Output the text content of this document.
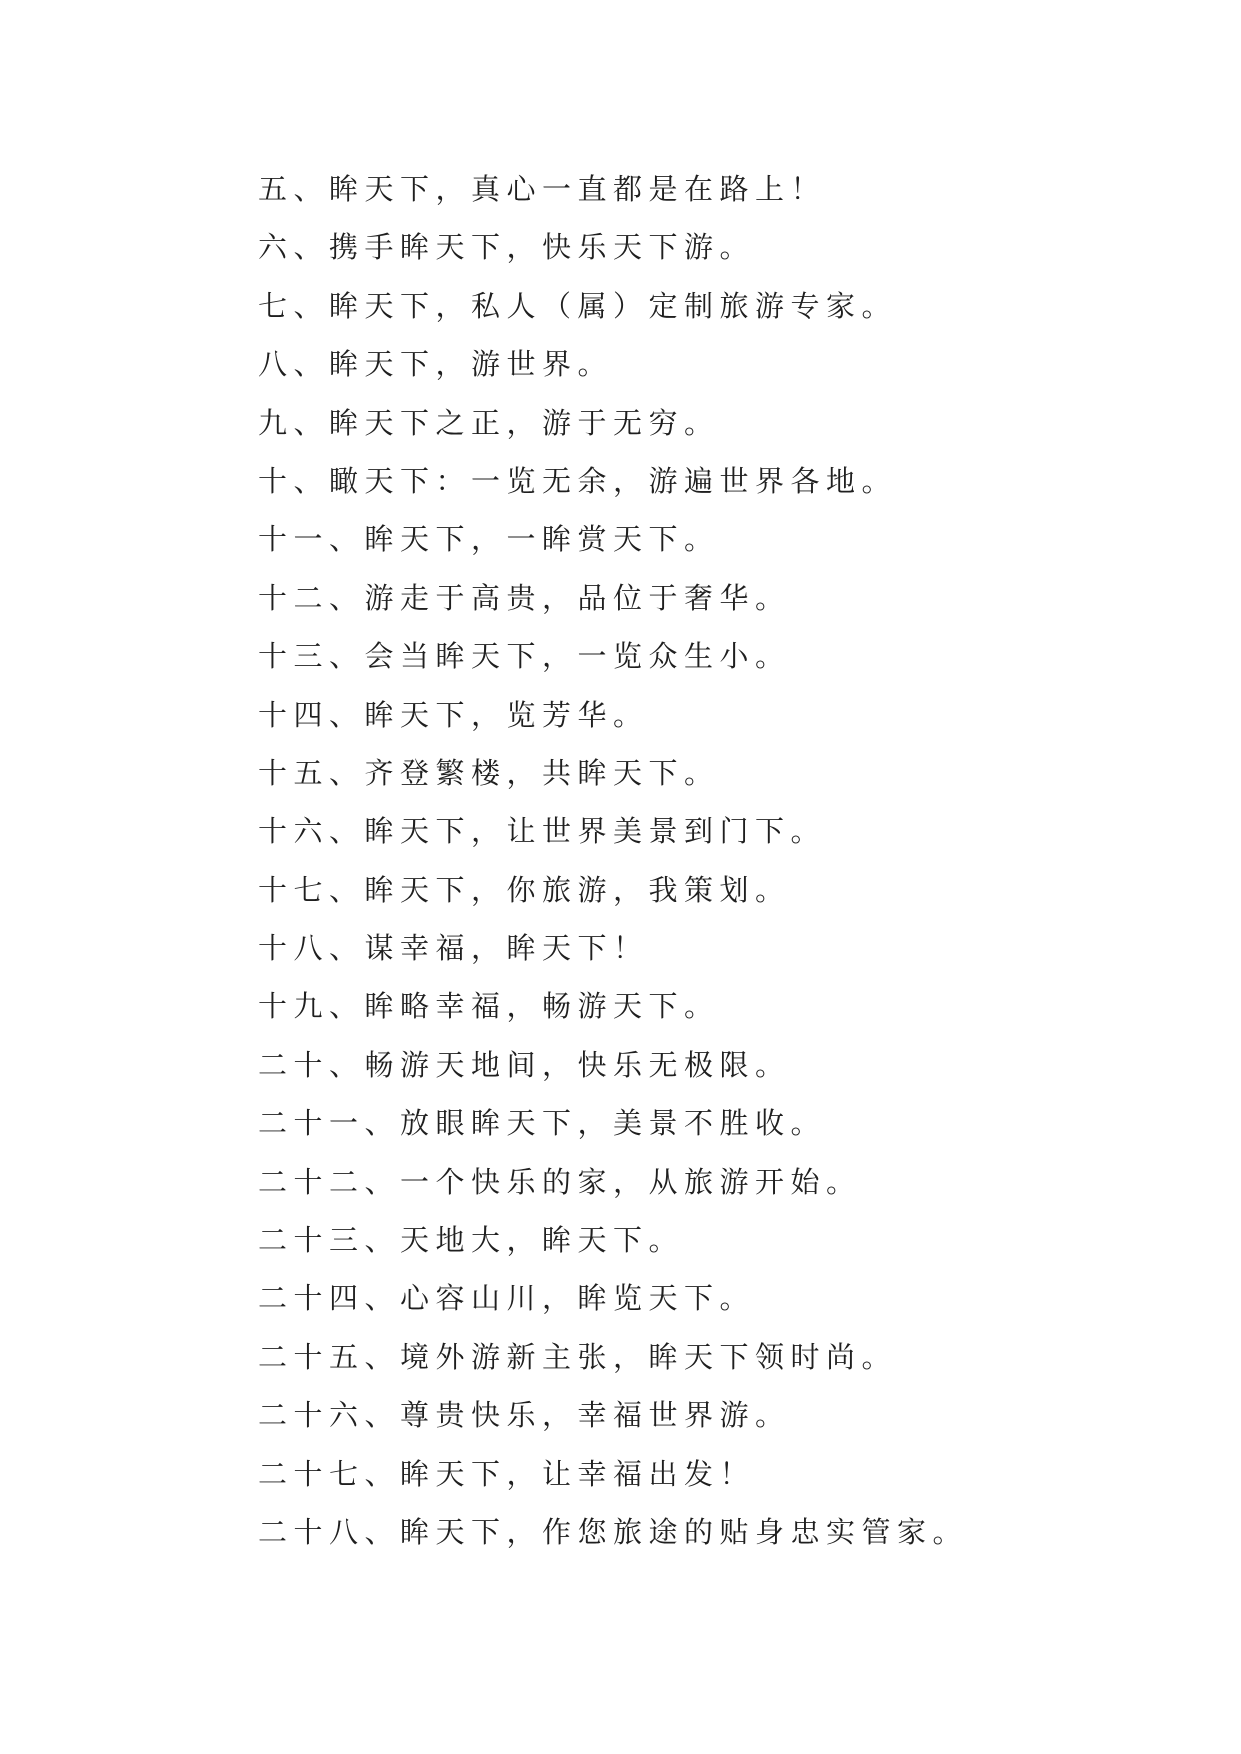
五、眸天下，真心一直都是在路上！
六、携手眸天下，快乐天下游。
七、眸天下，私人（属）定制旅游专家。
八、眸天下，游世界。
九、眸天下之正，游于无穷。
十、瞰天下：一览无余，游遍世界各地。
十一、眸天下，一眸赏天下。
十二、游走于高贵，品位于奢华。
十三、会当眸天下，一览众生小。
十四、眸天下，览芳华。
十五、齐登繁楼，共眸天下。
十六、眸天下，让世界美景到门下。
十七、眸天下，你旅游，我策划。
十八、谋幸福，眸天下！
十九、眸略幸福，畅游天下。
二十、畅游天地间，快乐无极限。
二十一、放眼眸天下，美景不胜收。
二十二、一个快乐的家，从旅游开始。
二十三、天地大，眸天下。
二十四、心容山川，眸览天下。
二十五、境外游新主张，眸天下领时尚。
二十六、尊贵快乐，幸福世界游。
二十七、眸天下，让幸福出发！
二十八、眸天下，作您旅途的贴身忠实管家。
